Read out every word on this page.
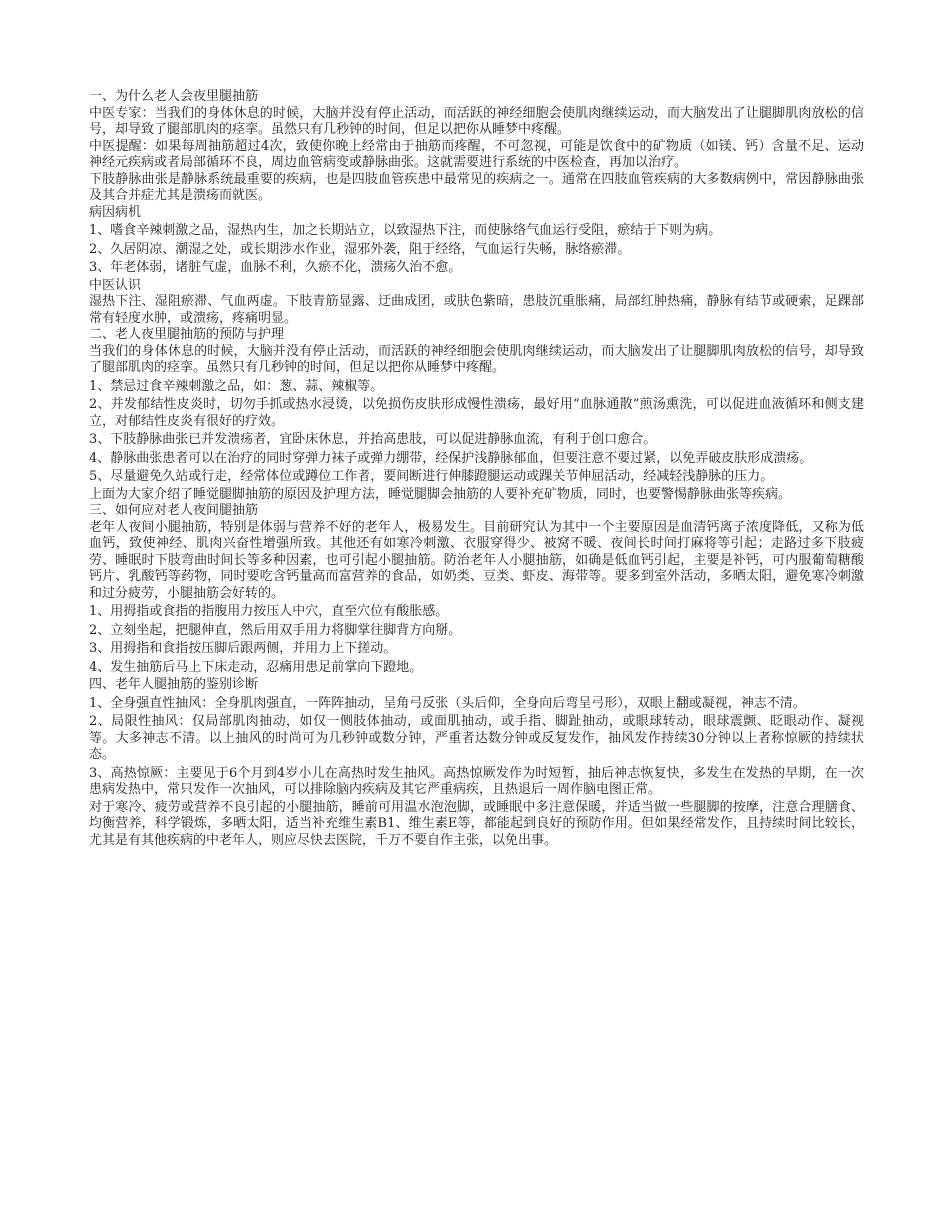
一、为什么老人会夜里腿抽筋

中医专家：当我们的身体休息的时候，大脑并没有停止活动，而活跃的神经细胞会使肌肉继续运动，而大脑发出了让腿脚肌肉放松的信号，却导致了腿部肌肉的痉挛。虽然只有几秒钟的时间，但足以把你从睡梦中疼醒。

中医提醒：如果每周抽筋超过4次，致使你晚上经常由于抽筋而疼醒，不可忽视，可能是饮食中的矿物质（如镁、钙）含量不足、运动神经元疾病或者局部循环不良，周边血管病变或静脉曲张。这就需要进行系统的中医检查，再加以治疗。

下肢静脉曲张是静脉系统最重要的疾病，也是四肢血管疾患中最常见的疾病之一。通常在四肢血管疾病的大多数病例中，常因静脉曲张及其合并症尤其是溃疡而就医。

病因病机

1、嗜食辛辣刺激之品，湿热内生，加之长期站立，以致湿热下注，而使脉络气血运行受阻，瘀结于下则为病。

2、久居阴凉、潮湿之处，或长期涉水作业，湿邪外袭，阻于经络，气血运行失畅，脉络瘀滞。

3、年老体弱，诸脏气虚，血脉不利，久瘀不化，溃疡久治不愈。

中医认识

湿热下注、湿阻瘀滞、气血两虚。下肢青筋显露、迂曲成团，或肤色紫暗，患肢沉重胀痛，局部红肿热痛，静脉有结节或硬索，足踝部常有轻度水肿，或溃疡，疼痛明显。

二、老人夜里腿抽筋的预防与护理

当我们的身体休息的时候，大脑并没有停止活动，而活跃的神经细胞会使肌肉继续运动，而大脑发出了让腿脚肌肉放松的信号，却导致了腿部肌肉的痉挛。虽然只有几秒钟的时间，但足以把你从睡梦中疼醒。

1、禁忌过食辛辣刺激之品，如：葱、蒜、辣椒等。

2、并发郁结性皮炎时，切勿手抓或热水浸烫，以免损伤皮肤形成慢性溃疡，最好用“血脉通散”煎汤熏洗，可以促进血液循环和侧支建立，对郁结性皮炎有很好的疗效。

3、下肢静脉曲张已并发溃疡者，宜卧床休息，并抬高患肢，可以促进静脉血流，有利于创口愈合。

4、静脉曲张患者可以在治疗的同时穿弹力袜子或弹力绷带，经保护浅静脉郁血，但要注意不要过紧，以免弄破皮肤形成溃疡。

5、尽量避免久站或行走，经常体位或蹲位工作者，要间断进行伸膝蹬腿运动或踝关节伸屈活动，经减轻浅静脉的压力。

上面为大家介绍了睡觉腿脚抽筋的原因及护理方法，睡觉腿脚会抽筋的人要补充矿物质，同时，也要警惕静脉曲张等疾病。

三、如何应对老人夜间腿抽筋

老年人夜间小腿抽筋，特别是体弱与营养不好的老年人，极易发生。目前研究认为其中一个主要原因是血清钙离子浓度降低，又称为低血钙，致使神经、肌肉兴奋性增强所致。其他还有如寒冷刺激、衣服穿得少、被窝不暖、夜间长时间打麻将等引起；走路过多下肢疲劳、睡眠时下肢弯曲时间长等多种因素，也可引起小腿抽筋。防治老年人小腿抽筋，如确是低血钙引起，主要是补钙，可内服葡萄糖酸钙片、乳酸钙等药物，同时要吃含钙量高而富营养的食品，如奶类、豆类、虾皮、海带等。要多到室外活动，多晒太阳，避免寒冷刺激和过分疲劳，小腿抽筋会好转的。

1、用拇指或食指的指腹用力按压人中穴，直至穴位有酸胀感。

2、立刻坐起，把腿伸直，然后用双手用力将脚掌往脚背方向掰。

3、用拇指和食指按压脚后跟两侧，并用力上下搓动。

4、发生抽筋后马上下床走动，忍痛用患足前掌向下蹬地。

四、老年人腿抽筋的鉴别诊断

1、全身强直性抽风：全身肌肉强直，一阵阵抽动，呈角弓反张（头后仰，全身向后弯呈弓形），双眼上翻或凝视，神志不清。

2、局限性抽风：仅局部肌肉抽动，如仅一侧肢体抽动，或面肌抽动，或手指、脚趾抽动，或眼球转动，眼球震颤、眨眼动作、凝视等。大多神志不清。以上抽风的时尚可为几秒钟或数分钟，严重者达数分钟或反复发作，抽风发作持续30分钟以上者称惊厥的持续状态。

3、高热惊厥：主要见于6个月到4岁小儿在高热时发生抽风。高热惊厥发作为时短暂，抽后神志恢复快，多发生在发热的早期，在一次患病发热中，常只发作一次抽风，可以排除脑内疾病及其它严重病疾，且热退后一周作脑电图正常。

对于寒冷、疲劳或营养不良引起的小腿抽筋，睡前可用温水泡泡脚，或睡眠中多注意保暖，并适当做一些腿脚的按摩，注意合理膳食、均衡营养，科学锻炼，多晒太阳，适当补充维生素B1、维生素E等，都能起到良好的预防作用。但如果经常发作，且持续时间比较长，尤其是有其他疾病的中老年人，则应尽快去医院，千万不要自作主张，以免出事。
